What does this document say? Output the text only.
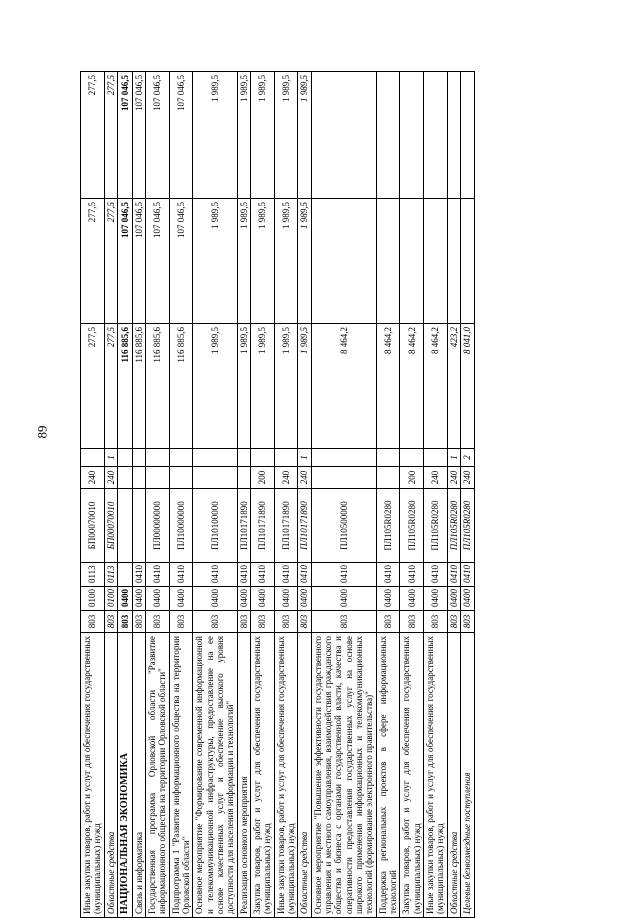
89
Иные закупки товаров, работ и услуг для обеспечения государственных (муниципальных) нужд	803	0100	0113	БП00070010	240		277,5	277,5	277,5
Областные средства	803	0100	0113	БП00070010	240	1	277,5	277,5	277,5
НАЦИОНАЛЬНАЯ ЭКОНОМИКА	803	0400					116 885,6	107 046,5	107 046,5
Связь и информатика	803	0400	0410				116 885,6	107 046,5	107 046,5
Государственная программа Орловской области "Развитие информационного общества на территории Орловской области"	803	0400	0410	ПЛ00000000			116 885,6	107 046,5	107 046,5
Подпрограмма 1 "Развитие информационного общества на территории Орловской области"	803	0400	0410	ПЛ10000000			116 885,6	107 046,5	107 046,5
Основное мероприятие "Формирование современной информационной и телекоммуникационной инфраструктуры, предоставление на ее основе качественных услуг и обеспечение высокого уровня доступности для населения информации и технологий"	803	0400	0410	ПЛ10100000			1 989,5	1 989,5	1 989,5
Реализация основного мероприятия	803	0400	0410	ПЛ10171890			1 989,5	1 989,5	1 989,5
Закупка товаров, работ и услуг для обеспечения государственных (муниципальных) нужд	803	0400	0410	ПЛ10171890	200		1 989,5	1 989,5	1 989,5
Иные закупки товаров, работ и услуг для обеспечения государственных (муниципальных) нужд	803	0400	0410	ПЛ10171890	240		1 989,5	1 989,5	1 989,5
Областные средства	803	0400	0410	ПЛ10171890	240	1	1 989,5	1 989,5	1 989,5
Основное мероприятие "Повышение эффективности государственного управления и местного самоуправления, взаимодействия гражданского общества и бизнеса с органами государственной власти, качества и оперативности предоставления государственных услуг на основе широкого применения информационных и телекоммуникационных технологий (формирование электронного правительства)"	803	0400	0410	ПЛ10500000			8 464,2		
Поддержка региональных проектов в сфере информационных технологий	803	0400	0410	ПЛ105R0280			8 464,2		
Закупка товаров, работ и услуг для обеспечения государственных (муниципальных) нужд	803	0400	0410	ПЛ105R0280	200		8 464,2		
Иные закупки товаров, работ и услуг для обеспечения государственных (муниципальных) нужд	803	0400	0410	ПЛ105R0280	240		8 464,2		
Областные средства	803	0400	0410	ПЛ105R0280	240	1	423,2		
Целевые безвозмездные поступления	803	0400	0410	ПЛ105R0280	240	2	8 041,0		
